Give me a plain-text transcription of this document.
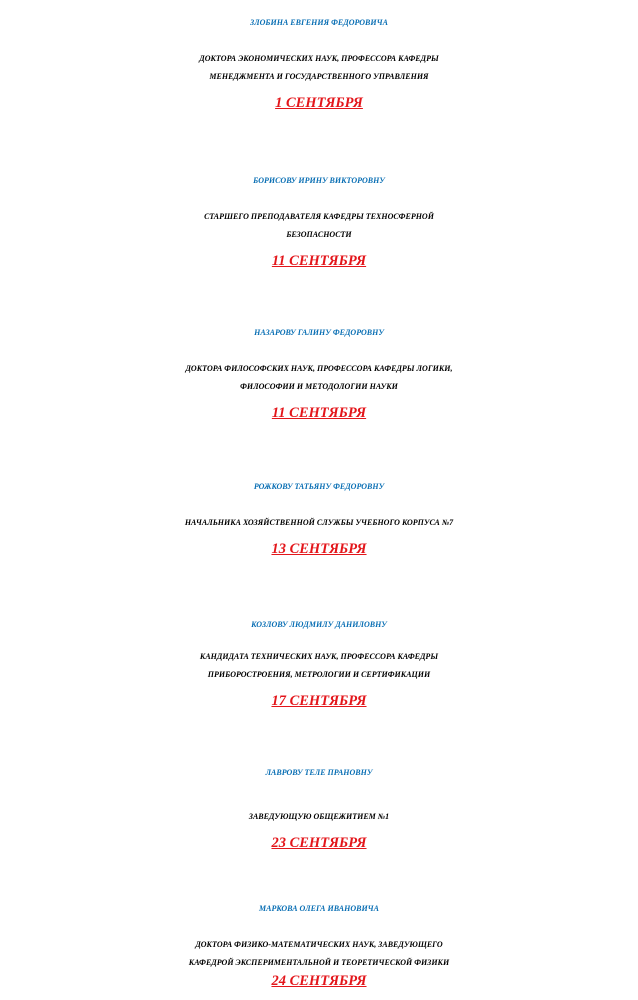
ЗЛОБИНА ЕВГЕНИЯ ФЕДОРОВИЧА
ДОКТОРА ЭКОНОМИЧЕСКИХ НАУК, ПРОФЕССОРА КАФЕДРЫ
МЕНЕДЖМЕНТА И ГОСУДАРСТВЕННОГО УПРАВЛЕНИЯ
1 СЕНТЯБРЯ
БОРИСОВУ ИРИНУ ВИКТОРОВНУ
СТАРШЕГО ПРЕПОДАВАТЕЛЯ КАФЕДРЫ ТЕХНОСФЕРНОЙ
БЕЗОПАСНОСТИ
11 СЕНТЯБРЯ
НАЗАРОВУ ГАЛИНУ ФЕДОРОВНУ
ДОКТОРА ФИЛОСОФСКИХ НАУК, ПРОФЕССОРА КАФЕДРЫ ЛОГИКИ,
ФИЛОСОФИИ И МЕТОДОЛОГИИ НАУКИ
11 СЕНТЯБРЯ
РОЖКОВУ ТАТЬЯНУ ФЕДОРОВНУ
НАЧАЛЬНИКА ХОЗЯЙСТВЕННОЙ СЛУЖБЫ УЧЕБНОГО КОРПУСА №7
13 СЕНТЯБРЯ
КОЗЛОВУ ЛЮДМИЛУ ДАНИЛОВНУ
КАНДИДАТА ТЕХНИЧЕСКИХ НАУК, ПРОФЕССОРА КАФЕДРЫ
ПРИБОРОСТРОЕНИЯ, МЕТРОЛОГИИ И СЕРТИФИКАЦИИ
17 СЕНТЯБРЯ
ЛАВРОВУ ТЕЛЕ ПРАНОВНУ
ЗАВЕДУЮЩУЮ ОБЩЕЖИТИЕМ №1
23 СЕНТЯБРЯ
МАРКОВА ОЛЕГА ИВАНОВИЧА
ДОКТОРА ФИЗИКО-МАТЕМАТИЧЕСКИХ НАУК, ЗАВЕДУЮЩЕГО
КАФЕДРОЙ ЭКСПЕРИМЕНТАЛЬНОЙ И ТЕОРЕТИЧЕСКОЙ ФИЗИКИ
24 СЕНТЯБРЯ
